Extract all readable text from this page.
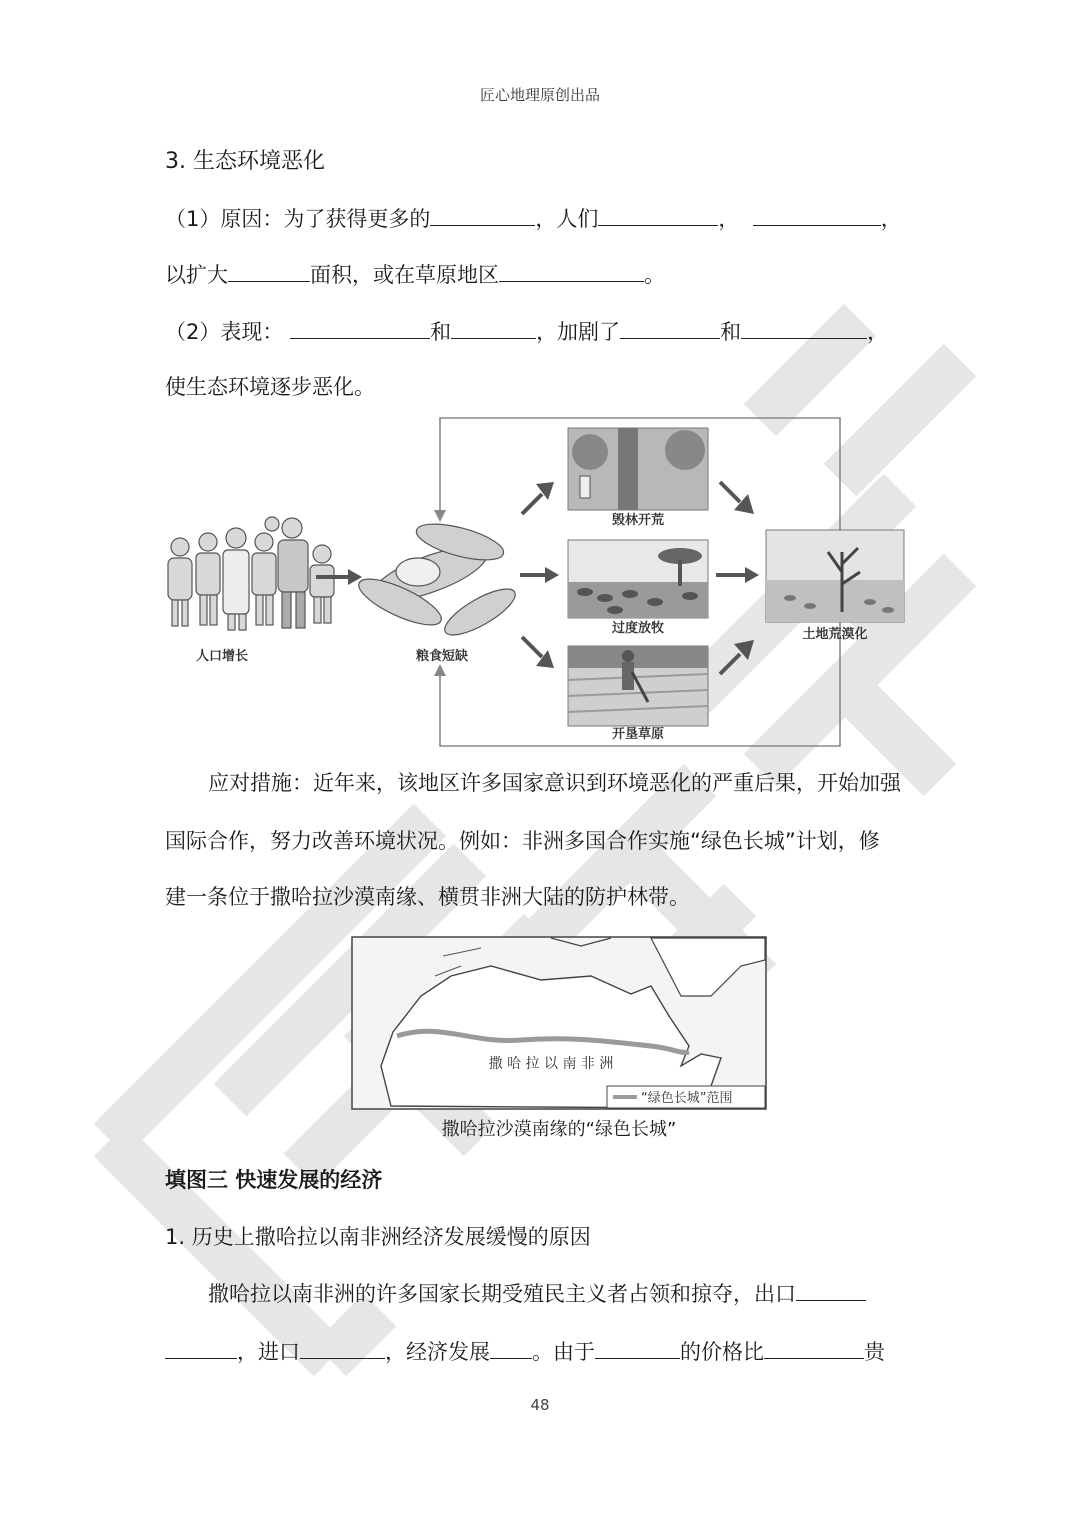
匠心地理原创出品
3. 生态环境恶化
（1）原因：为了获得更多的	，人们	，	，
以扩大	面积，或在草原地区	。
（2）表现：	和	，加剧了	和	，
使生态环境逐步恶化。
人口增长	粮食短缺
毁林开荒
过度放牧
开垦草原
土地荒漠化
应对措施：近年来，该地区许多国家意识到环境恶化的严重后果，开始加强
国际合作，努力改善环境状况。例如：非洲多国合作实施“绿色长城”计划，修
建一条位于撒哈拉沙漠南缘、横贯非洲大陆的防护林带。
撒 哈 拉 以 南 非 洲
“绿色长城”范围
撒哈拉沙漠南缘的“绿色长城”
填图三 快速发展的经济
1. 历史上撒哈拉以南非洲经济发展缓慢的原因
撒哈拉以南非洲的许多国家长期受殖民主义者占领和掠夺，出口
，进口	，经济发展 。由于	的价格比	贵
48
